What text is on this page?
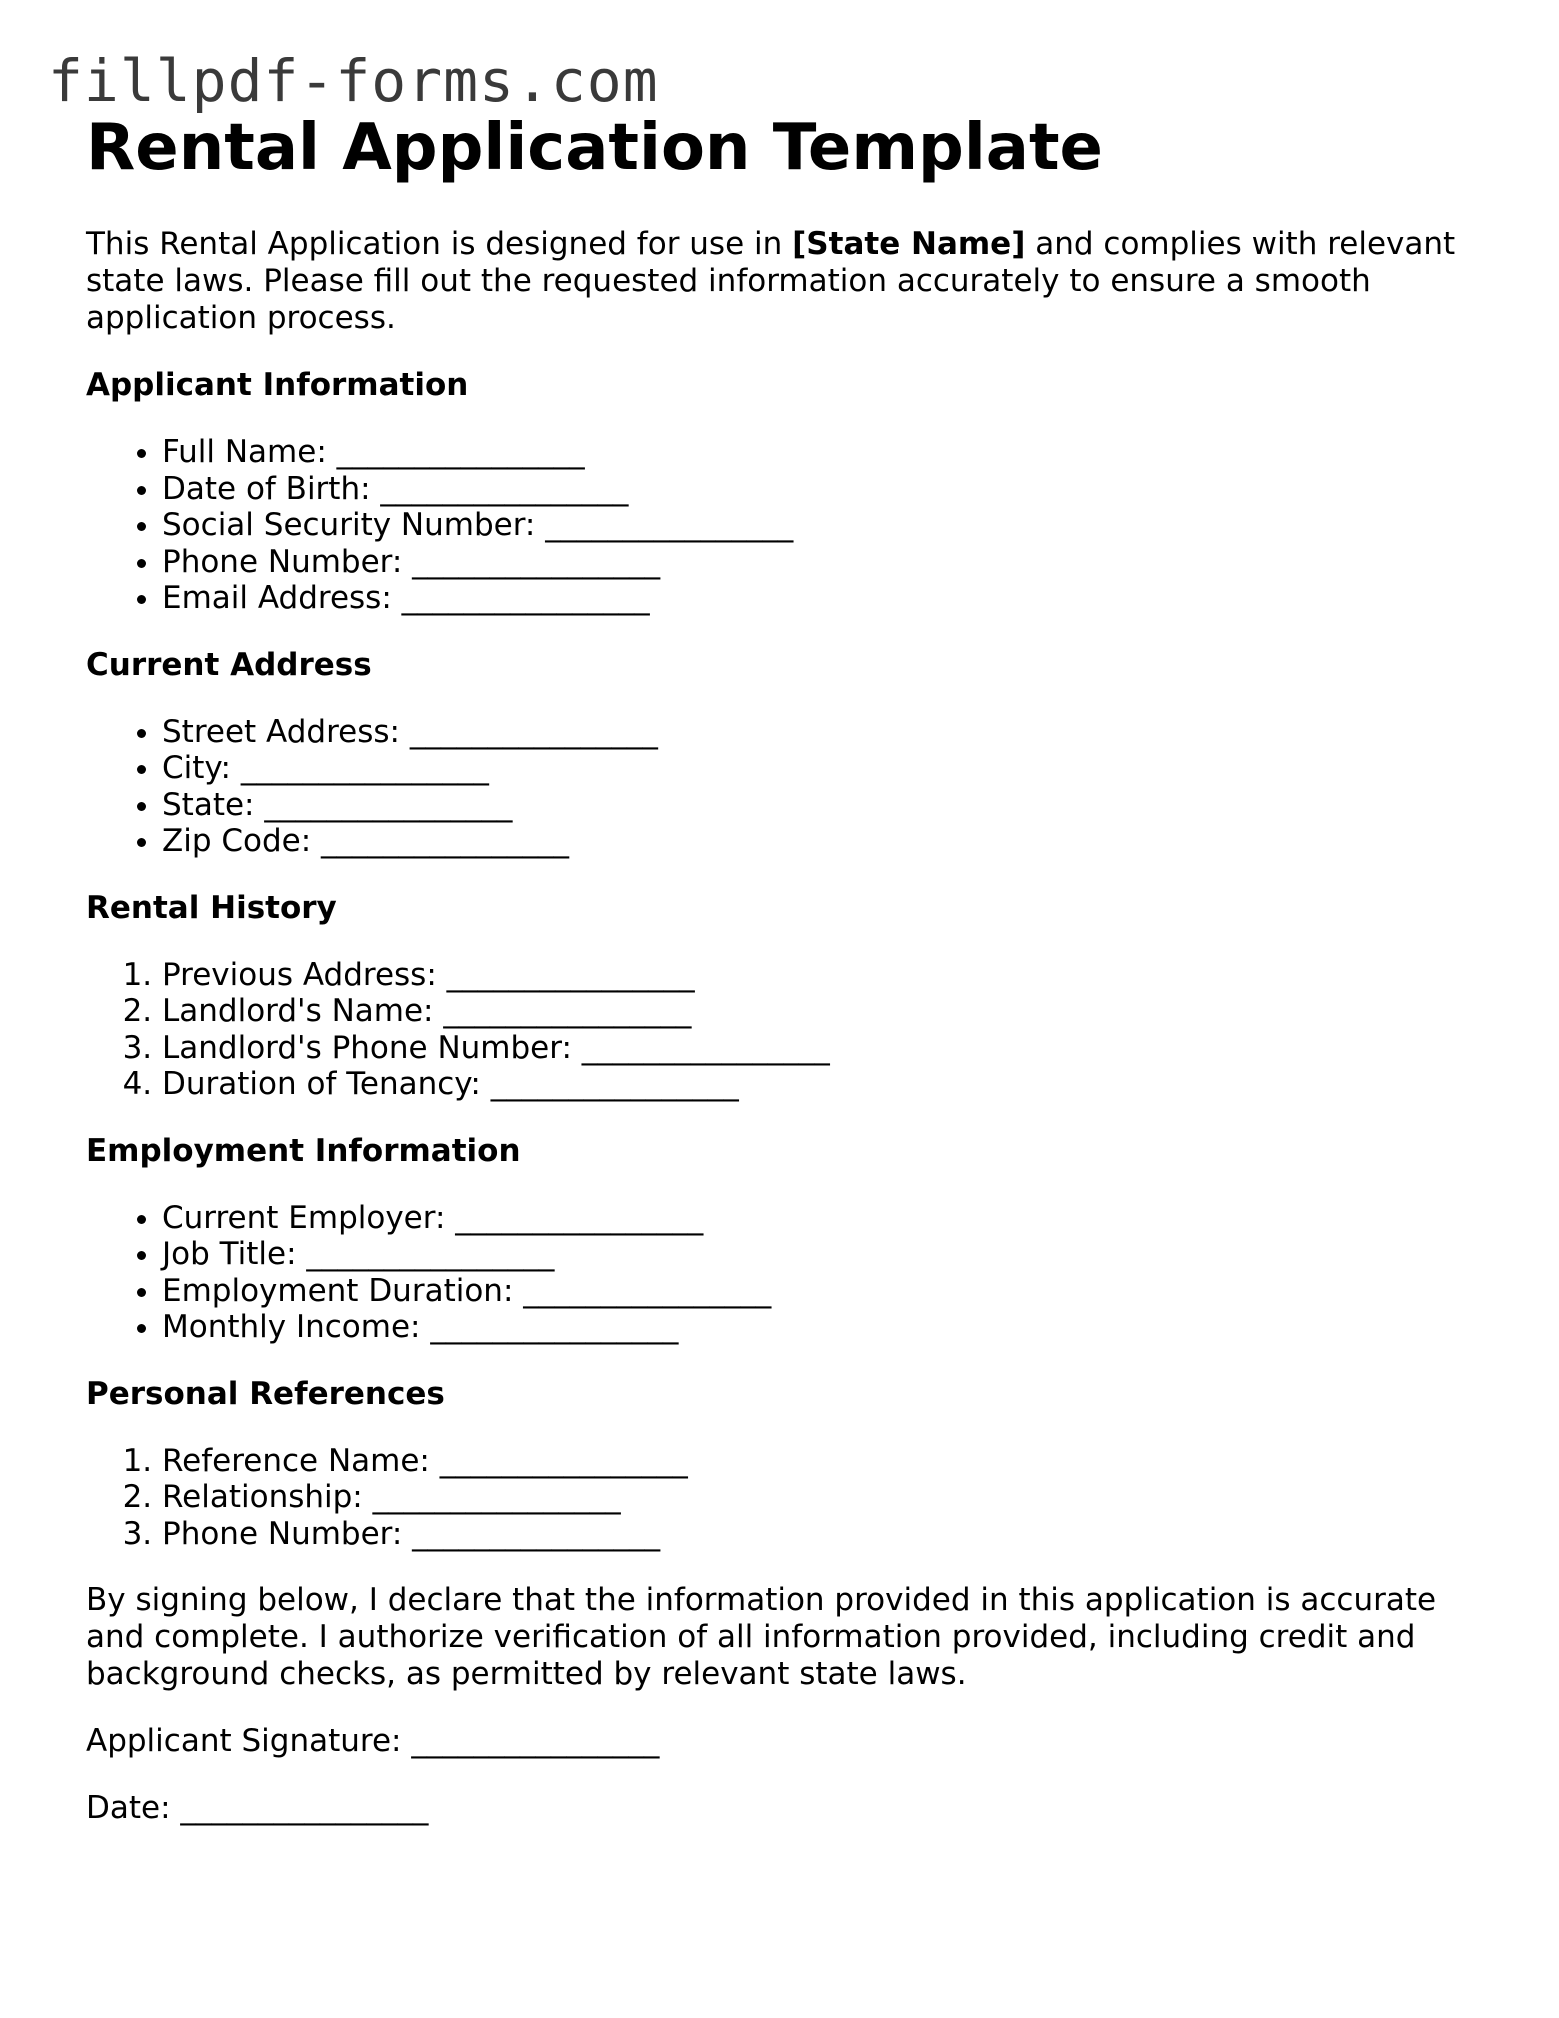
fillpdf-forms.com
Rental Application Template

This Rental Application is designed for use in [State Name] and complies with relevant state laws. Please fill out the requested information accurately to ensure a smooth application process.

Applicant Information
• Full Name: ________________
• Date of Birth: ________________
• Social Security Number: ________________
• Phone Number: ________________
• Email Address: ________________
Current Address
• Street Address: ________________
• City: ________________
• State: ________________
• Zip Code: ________________
Rental History
1. Previous Address: ________________
2. Landlord's Name: ________________
3. Landlord's Phone Number: ________________
4. Duration of Tenancy: ________________
Employment Information
• Current Employer: ________________
• Job Title: ________________
• Employment Duration: ________________
• Monthly Income: ________________
Personal References
1. Reference Name: ________________
2. Relationship: ________________
3. Phone Number: ________________

By signing below, I declare that the information provided in this application is accurate and complete. I authorize verification of all information provided, including credit and background checks, as permitted by relevant state laws.

Applicant Signature: ________________

Date: ________________
